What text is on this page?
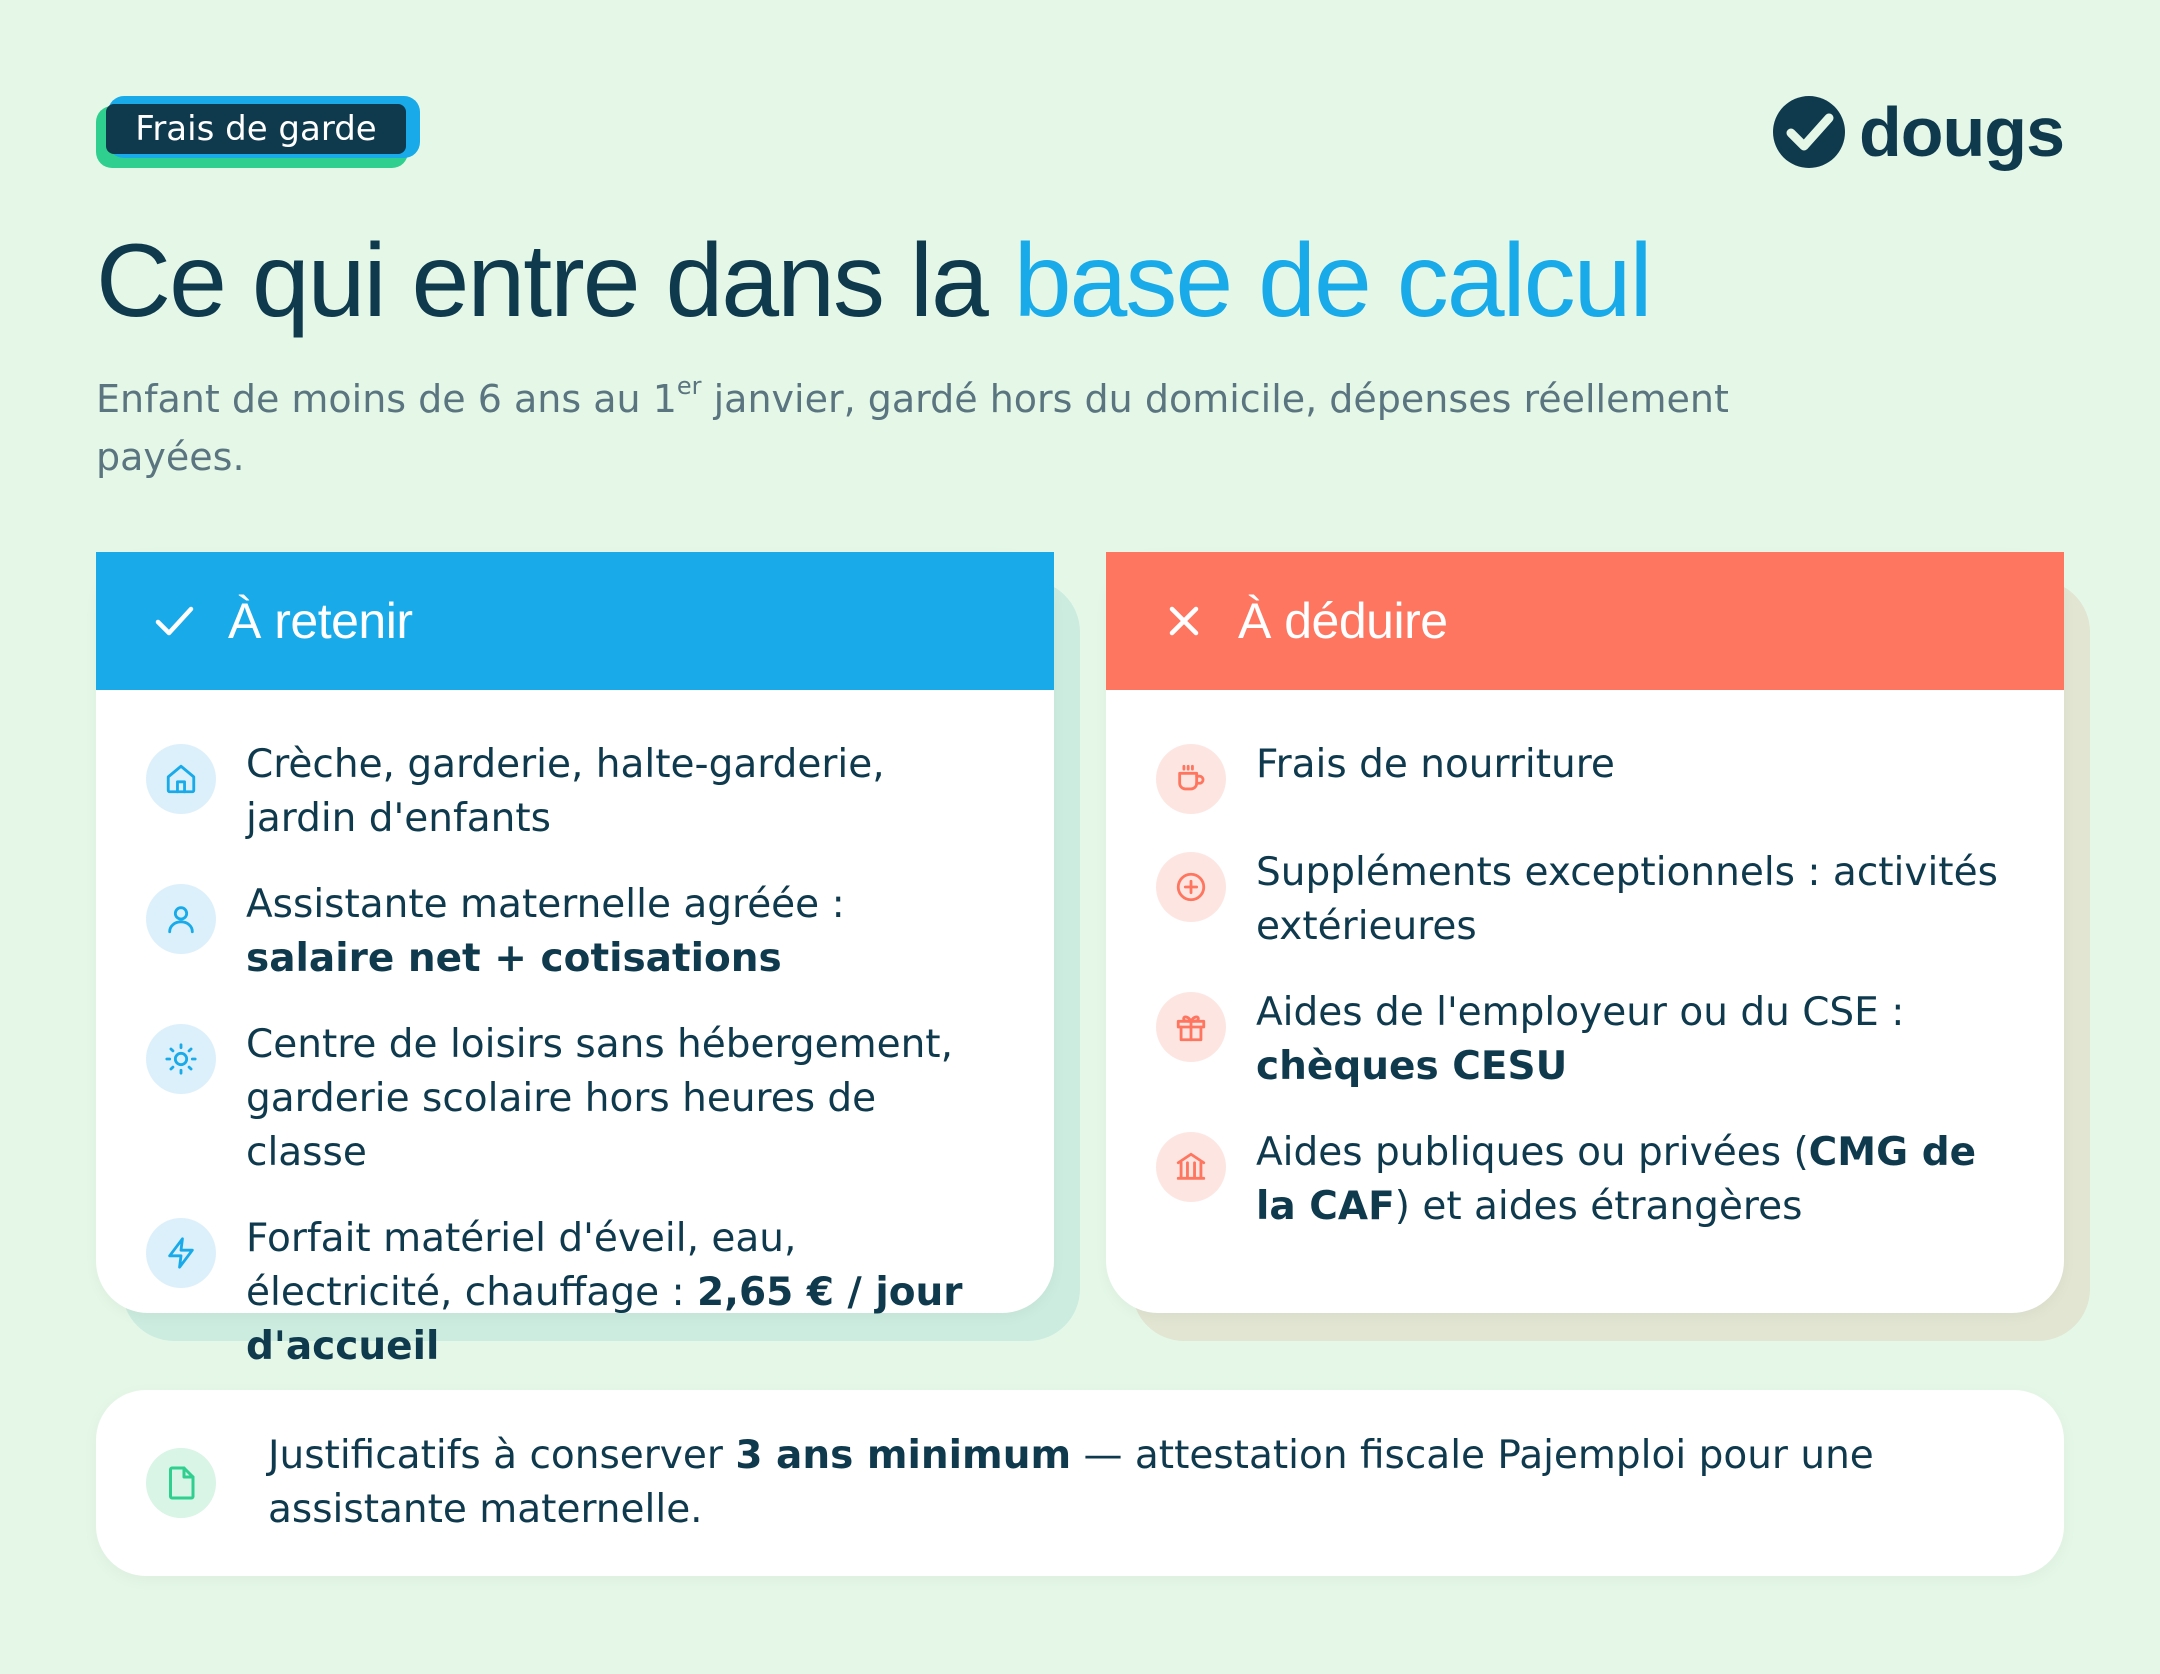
Frais de garde	dougs
Ce qui entre dans la base de calcul

Enfant de moins de 6 ans au 1er janvier, gardé hors du domicile, dépenses réellement payées.

À retenir
Crèche, garderie, halte-garderie, jardin d'enfants
Assistante maternelle agréée : salaire net + cotisations
Centre de loisirs sans hébergement, garderie scolaire hors heures de classe
Forfait matériel d'éveil, eau, électricité, chauffage : 2,65 € / jour d'accueil
À déduire
Frais de nourriture
Suppléments exceptionnels : activités extérieures
Aides de l'employeur ou du CSE : chèques CESU
Aides publiques ou privées (CMG de la CAF) et aides étrangères
Justificatifs à conserver 3 ans minimum — attestation fiscale Pajemploi pour une assistante maternelle.
